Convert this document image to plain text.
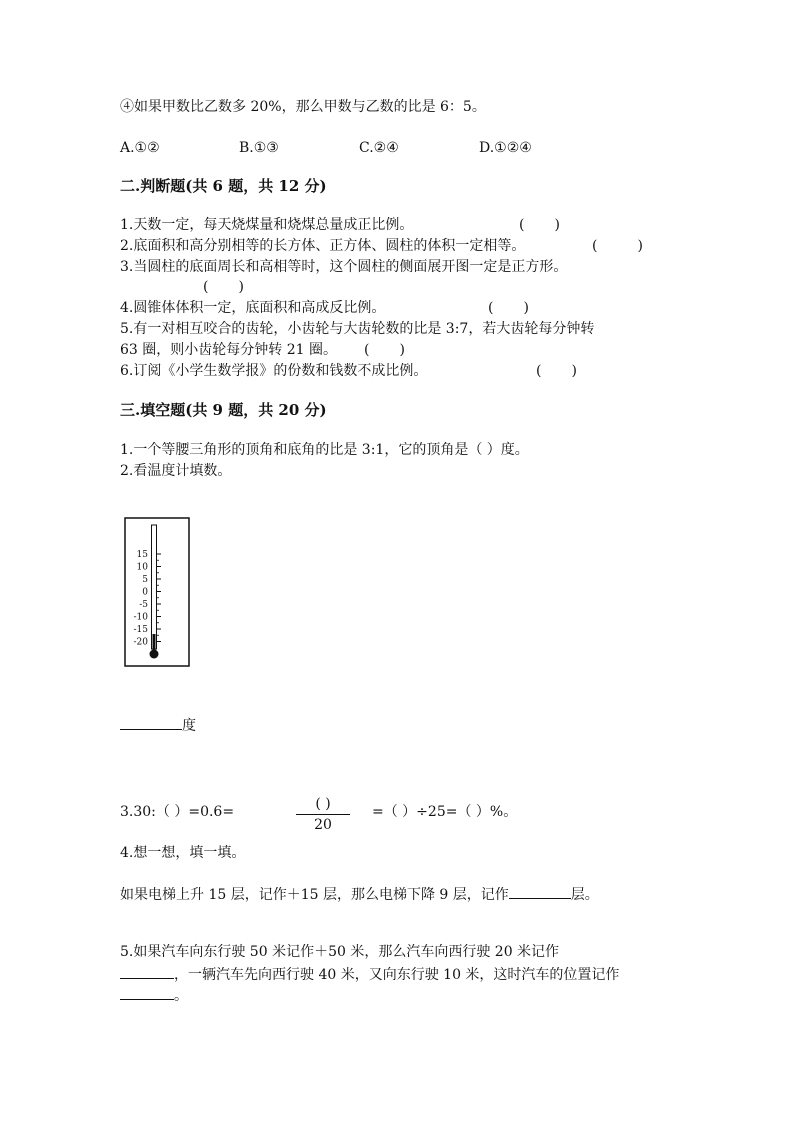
④如果甲数比乙数多 20%，那么甲数与乙数的比是 6：5。
A.①②	B.①③	C.②④	D.①②④
二.判断题(共 6 题，共 12 分)
1.天数一定，每天烧煤量和烧煤总量成正比例。	( )
2.底面积和高分别相等的长方体、正方体、圆柱的体积一定相等。	(	)
3.当圆柱的底面周长和高相等时，这个圆柱的侧面展开图一定是正方形。
( )
4.圆锥体体积一定，底面积和高成反比例。	( )
5.有一对相互咬合的齿轮，小齿轮与大齿轮数的比是 3:7，若大齿轮每分钟转
63 圈，则小齿轮每分钟转 21 圈。 ( )
6.订阅《小学生数学报》的份数和钱数不成比例。	( )
三.填空题(共 9 题，共 20 分)
1.一个等腰三角形的顶角和底角的比是 3:1，它的顶角是（ ）度。
2.看温度计填数。
15
10
5
0
-5
-10
-15
-20
度
3.30:（ ）=0.6=	( )
20
=（ ）÷25=（ ）%。
4.想一想，填一填。
如果电梯上升 15 层，记作＋15 层，那么电梯下降 9 层，记作	层。
5.如果汽车向东行驶 50 米记作＋50 米，那么汽车向西行驶 20 米记作
，一辆汽车先向西行驶 40 米，又向东行驶 10 米，这时汽车的位置记作
。
